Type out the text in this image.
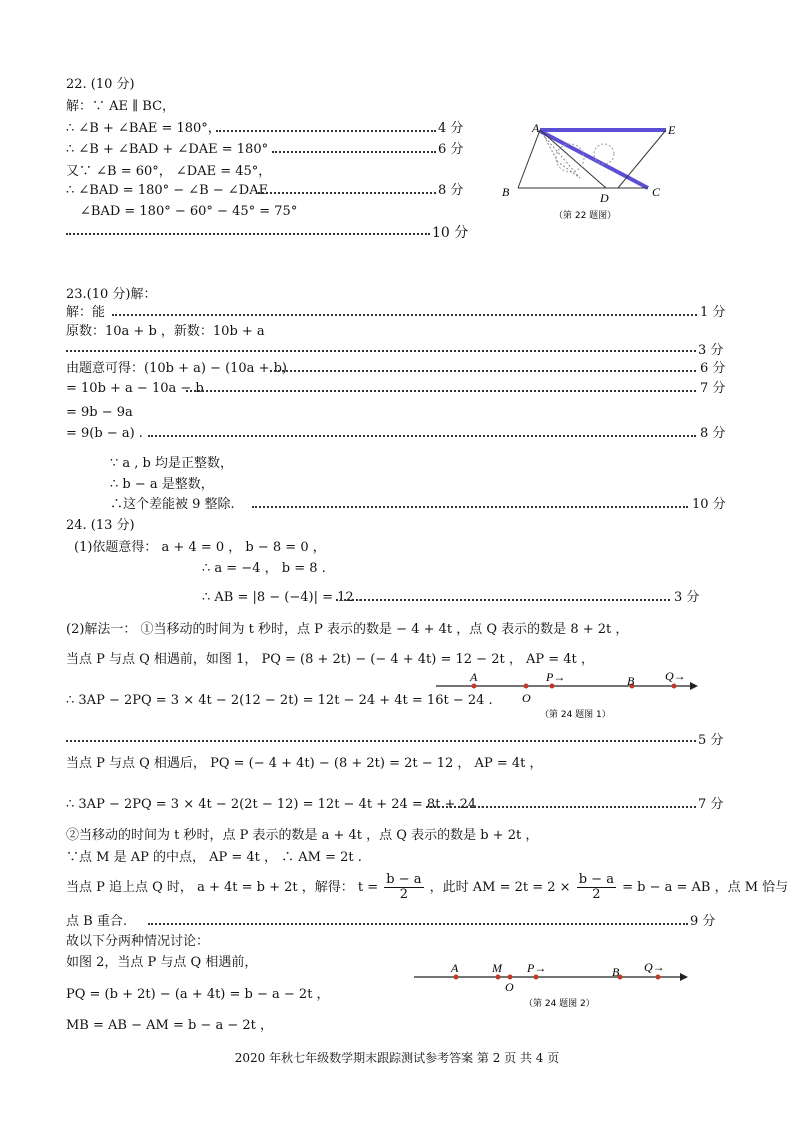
22. (10 分)
解：∵ AE ∥ BC，
∴ ∠B + ∠BAE = 180°，	4 分
∴ ∠B + ∠BAD + ∠DAE = 180°	6 分
又∵ ∠B = 60°， ∠DAE = 45°，
∴ ∠BAD = 180° − ∠B − ∠DAE	8 分
∠BAD = 180° − 60° − 45° = 75°
10 分
A	E
B	C
D
（第 22 题图）
23.(10 分)解：
解：能	1 分
原数：10a + b ，新数：10b + a
3 分
由题意可得：(10b + a) − (10a + b)	6 分
= 10b + a − 10a − b	7 分
= 9b − 9a
= 9(b − a) .	8 分
∵ a , b 均是正整数，
∴ b − a 是整数，
∴这个差能被 9 整除.	10 分
24. (13 分)
(1)依题意得： a + 4 = 0 ， b − 8 = 0 ，
∴ a = −4 ， b = 8 .
∴ AB = |8 − (−4)| = 12 .	3 分
(2)解法一： ①当移动的时间为 t 秒时，点 P 表示的数是 − 4 + 4t ，点 Q 表示的数是 8 + 2t ，
当点 P 与点 Q 相遇前，如图 1， PQ = (8 + 2t) − (− 4 + 4t) = 12 − 2t ， AP = 4t ，
∴ 3AP − 2PQ = 3 × 4t − 2(12 − 2t) = 12t − 24 + 4t = 16t − 24 .
A
O
P→	B	Q→
（第 24 题图 1）
5 分
当点 P 与点 Q 相遇后， PQ = (− 4 + 4t) − (8 + 2t) = 2t − 12 ， AP = 4t ，
∴ 3AP − 2PQ = 3 × 4t − 2(2t − 12) = 12t − 4t + 24 = 8t + 24 .	7 分
②当移动的时间为 t 秒时，点 P 表示的数是 a + 4t ，点 Q 表示的数是 b + 2t ，
∵点 M 是 AP 的中点， AP = 4t ， ∴ AM = 2t .
当点 P 追上点 Q 时， a + 4t = b + 2t ，解得： $t = \frac{b - a}{2}$ ，此时 AM = $2t = 2 \times \frac{b - a}{2} = b - a$ = AB ，点 M 恰与
点 B 重合.	9 分
故以下分两种情况讨论：
如图 2，当点 P 与点 Q 相遇前，	A	M
O
P→	B Q→
（第 24 题图 2）
PQ = (b + 2t) − (a + 4t) = b − a − 2t ，
MB = AB − AM = b − a − 2t ，
2020 年秋七年级数学期末跟踪测试参考答案 第 2 页 共 4 页
